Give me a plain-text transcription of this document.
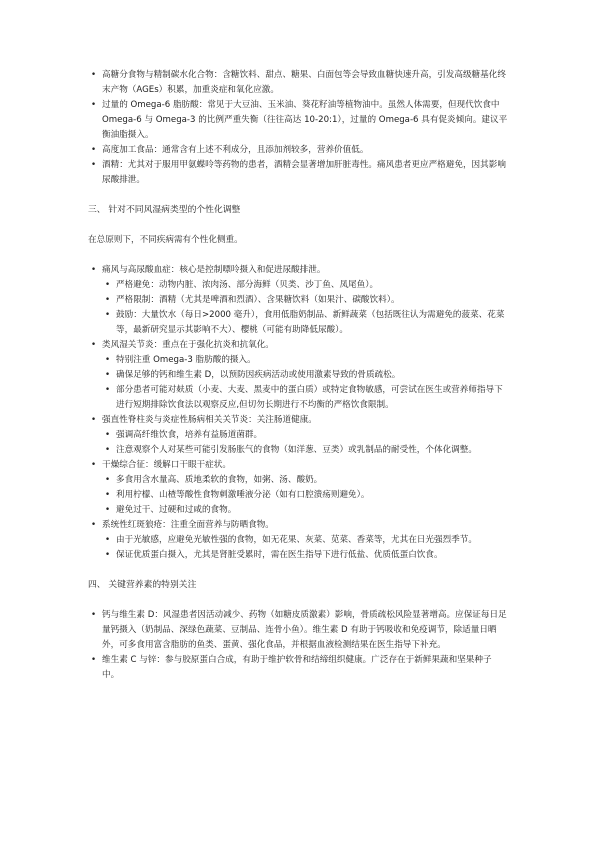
• 高糖分食物与精制碳水化合物：含糖饮料、甜点、糖果、白面包等会导致血糖快速升高，引发高级糖基化终末产物（AGEs）积累，加重炎症和氧化应激。

• 过量的 Omega-6 脂肪酸：常见于大豆油、玉米油、葵花籽油等植物油中。虽然人体需要，但现代饮食中 Omega-6 与 Omega-3 的比例严重失衡（往往高达 10-20:1），过量的 Omega-6 具有促炎倾向。建议平衡油脂摄入。

• 高度加工食品：通常含有上述不利成分，且添加剂较多，营养价值低。

• 酒精：尤其对于服用甲氨蝶呤等药物的患者，酒精会显著增加肝脏毒性。痛风患者更应严格避免，因其影响尿酸排泄。

三、 针对不同风湿病类型的个性化调整

在总原则下，不同疾病需有个性化侧重。

• 痛风与高尿酸血症：核心是控制嘌呤摄入和促进尿酸排泄。

• 严格避免：动物内脏、浓肉汤、部分海鲜（贝类、沙丁鱼、凤尾鱼）。

• 严格限制：酒精（尤其是啤酒和烈酒）、含果糖饮料（如果汁、碳酸饮料）。

• 鼓励：大量饮水（每日>2000 毫升），食用低脂奶制品、新鲜蔬菜（包括既往认为需避免的菠菜、花菜等，最新研究显示其影响不大）、樱桃（可能有助降低尿酸）。

• 类风湿关节炎：重点在于强化抗炎和抗氧化。

• 特别注重 Omega-3 脂肪酸的摄入。

• 确保足够的钙和维生素 D，以预防因疾病活动或使用激素导致的骨质疏松。

• 部分患者可能对麸质（小麦、大麦、黑麦中的蛋白质）或特定食物敏感，可尝试在医生或营养师指导下进行短期排除饮食法以观察反应,但切勿长期进行不均衡的严格饮食限制。

• 强直性脊柱炎与炎症性肠病相关关节炎：关注肠道健康。

• 强调高纤维饮食，培养有益肠道菌群。

• 注意观察个人对某些可能引发肠胀气的食物（如洋葱、豆类）或乳制品的耐受性，个体化调整。

• 干燥综合征：缓解口干眼干症状。

• 多食用含水量高、质地柔软的食物，如粥、汤、酸奶。

• 利用柠檬、山楂等酸性食物刺激唾液分泌（如有口腔溃疡则避免）。

• 避免过干、过硬和过咸的食物。

• 系统性红斑狼疮：注重全面营养与防晒食物。

• 由于光敏感，应避免光敏性强的食物，如无花果、灰菜、苋菜、香菜等，尤其在日光强烈季节。

• 保证优质蛋白摄入，尤其是肾脏受累时，需在医生指导下进行低盐、优质低蛋白饮食。

四、 关键营养素的特别关注

• 钙与维生素 D：风湿患者因活动减少、药物（如糖皮质激素）影响，骨质疏松风险显著增高。应保证每日足量钙摄入（奶制品、深绿色蔬菜、豆制品、连骨小鱼）。维生素 D 有助于钙吸收和免疫调节，除适量日晒外，可多食用富含脂肪的鱼类、蛋黄、强化食品，并根据血液检测结果在医生指导下补充。

• 维生素 C 与锌：参与胶原蛋白合成，有助于维护软骨和结缔组织健康。广泛存在于新鲜果蔬和坚果种子中。
